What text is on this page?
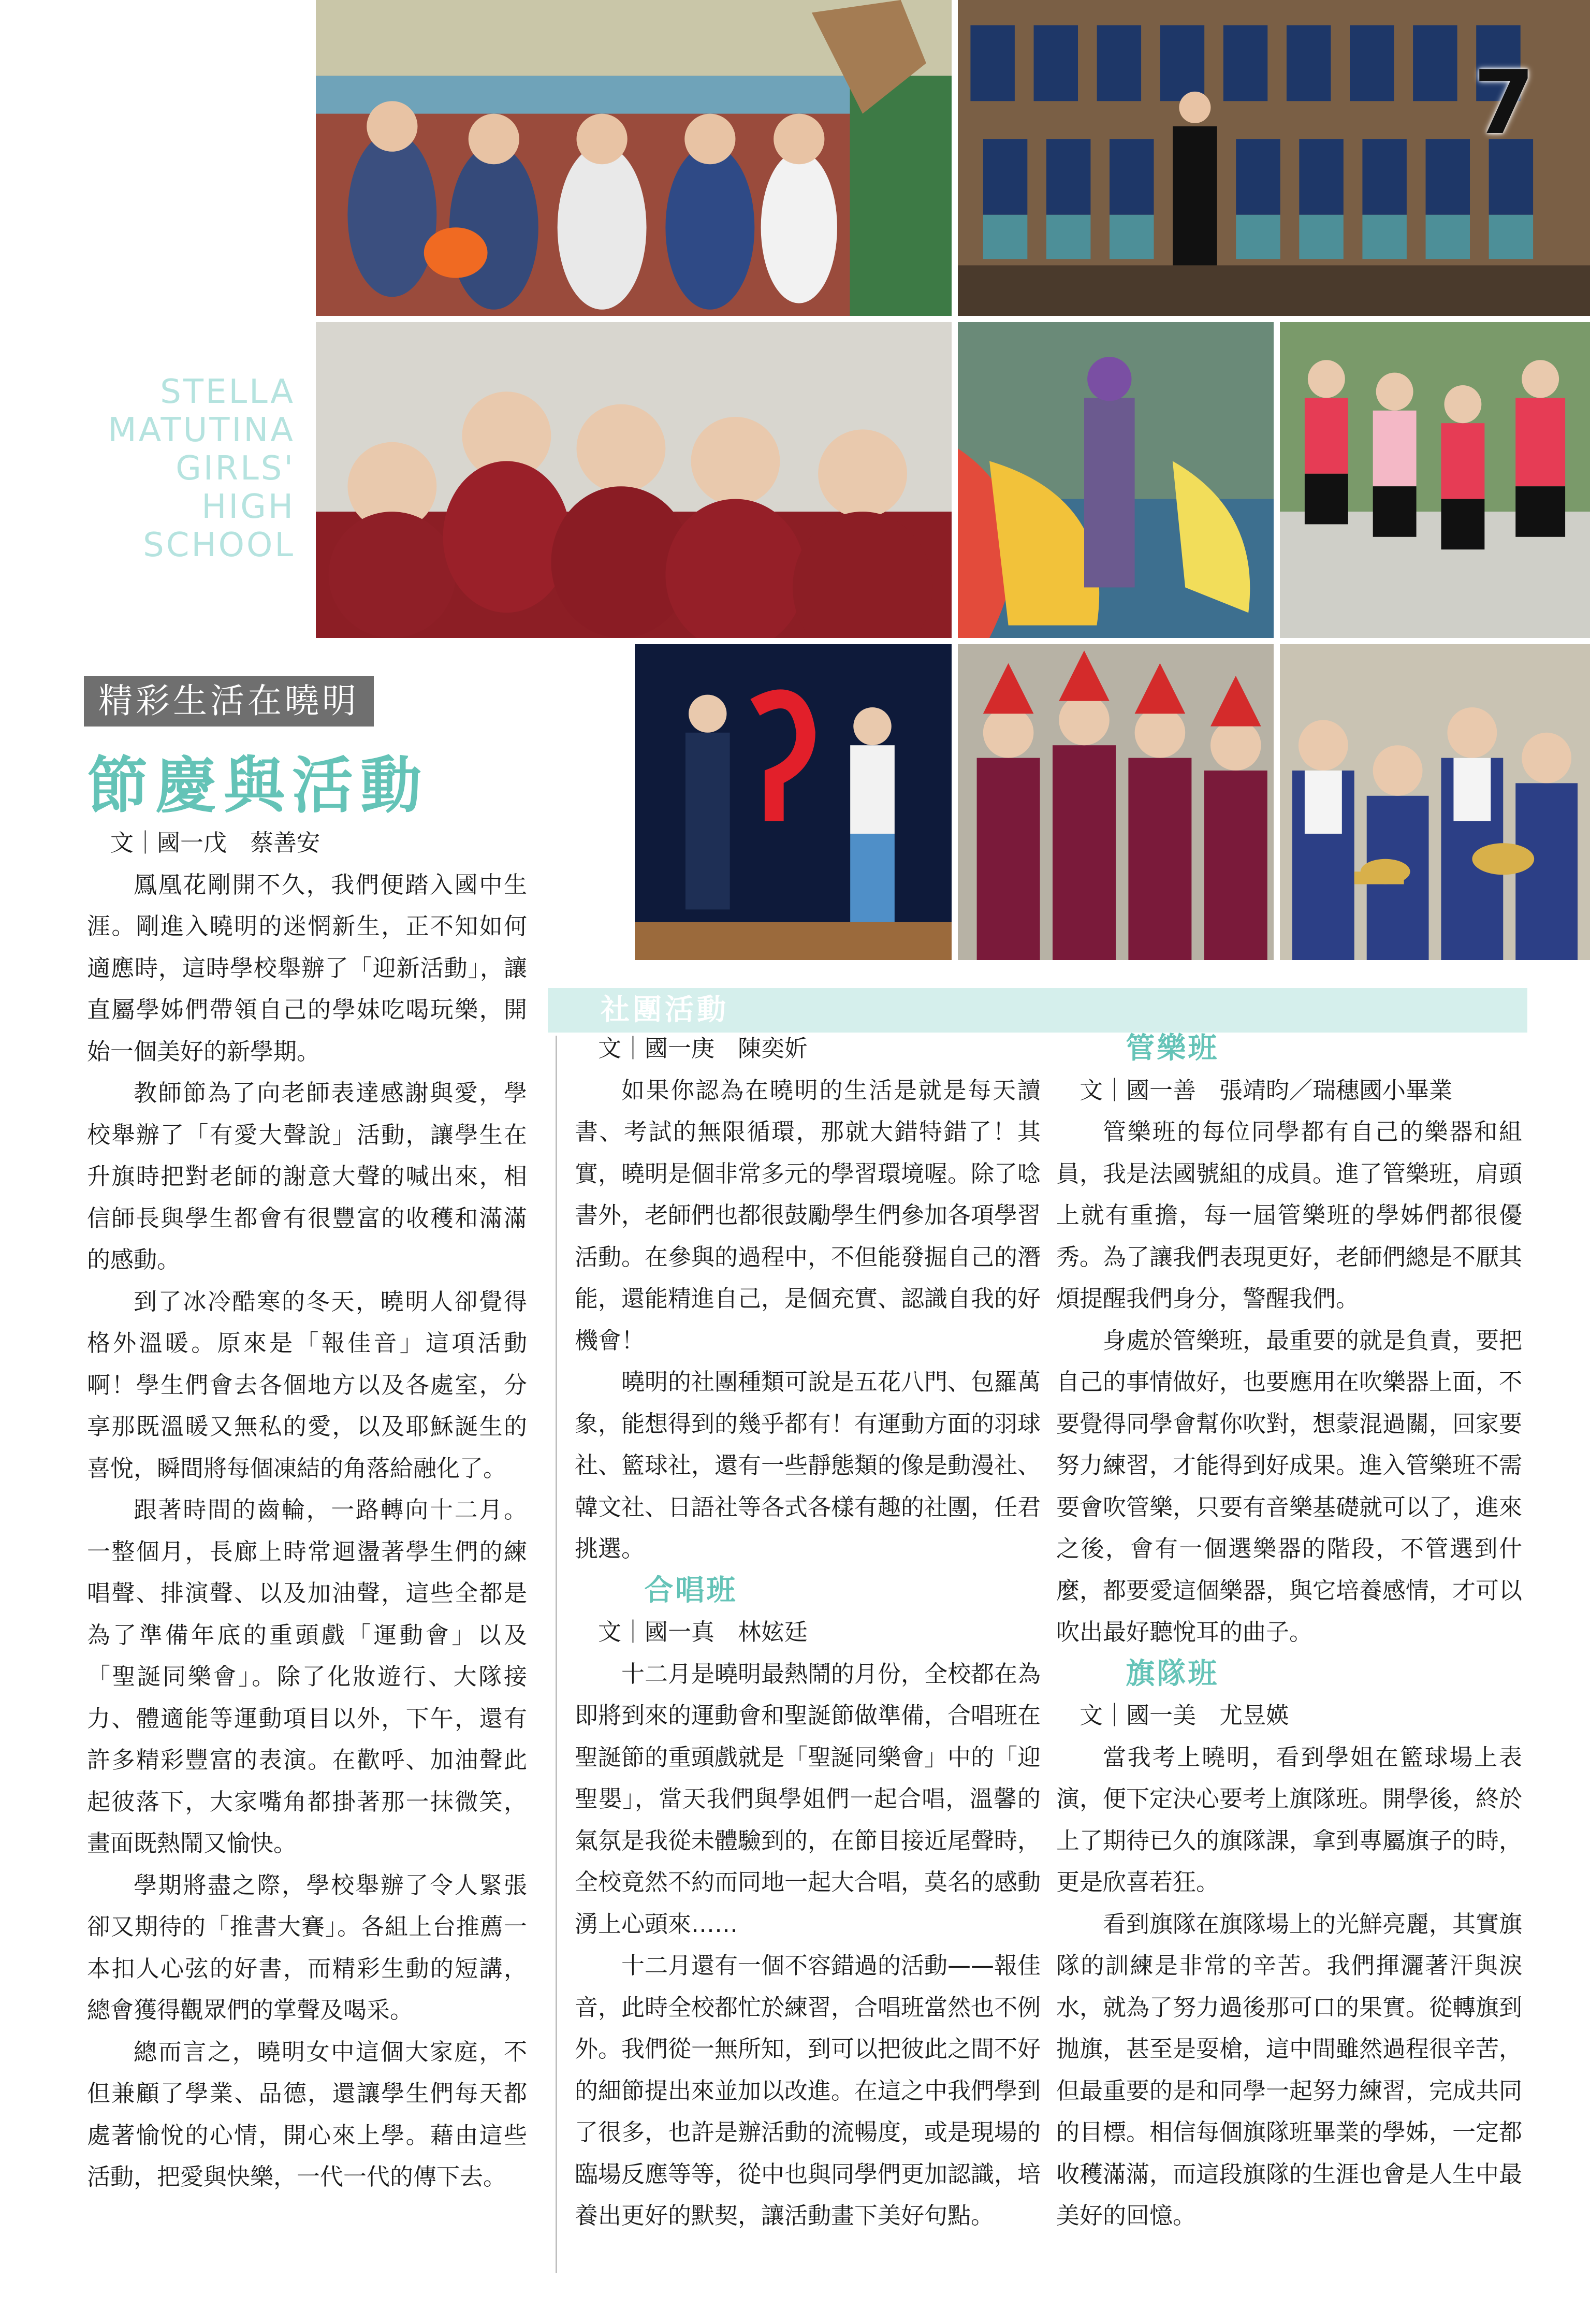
7
STELLA
MATUTINA
GIRLS'
HIGH
SCHOOL
精彩生活在曉明
節慶與活動

文｜國一戊　蔡善安

鳳凰花剛開不久，我們便踏入國中生涯。剛進入曉明的迷惘新生，正不知如何適應時，這時學校舉辦了「迎新活動」，讓直屬學姊們帶領自己的學妹吃喝玩樂，開始一個美好的新學期。

教師節為了向老師表達感謝與愛，學校舉辦了「有愛大聲說」活動，讓學生在升旗時把對老師的謝意大聲的喊出來，相信師長與學生都會有很豐富的收穫和滿滿的感動。

到了冰冷酷寒的冬天，曉明人卻覺得格外溫暖。原來是「報佳音」這項活動啊！學生們會去各個地方以及各處室，分享那既溫暖又無私的愛，以及耶穌誕生的喜悅，瞬間將每個凍結的角落給融化了。

跟著時間的齒輪，一路轉向十二月。一整個月，長廊上時常迴盪著學生們的練唱聲、排演聲、以及加油聲，這些全都是為了準備年底的重頭戲「運動會」以及「聖誕同樂會」。除了化妝遊行、大隊接力、體適能等運動項目以外，下午，還有許多精彩豐富的表演。在歡呼、加油聲此起彼落下，大家嘴角都掛著那一抹微笑，畫面既熱鬧又愉快。

學期將盡之際，學校舉辦了令人緊張卻又期待的「推書大賽」。各組上台推薦一本扣人心弦的好書，而精彩生動的短講，總會獲得觀眾們的掌聲及喝采。

總而言之，曉明女中這個大家庭，不但兼顧了學業、品德，還讓學生們每天都處著愉悅的心情，開心來上學。藉由這些活動，把愛與快樂，一代一代的傳下去。

社團活動

文｜國一庚　陳奕妡

如果你認為在曉明的生活是就是每天讀書、考試的無限循環，那就大錯特錯了！其實，曉明是個非常多元的學習環境喔。除了唸書外，老師們也都很鼓勵學生們參加各項學習活動。在參與的過程中，不但能發掘自己的潛能，還能精進自己，是個充實、認識自我的好機會！

曉明的社團種類可說是五花八門、包羅萬象，能想得到的幾乎都有！有運動方面的羽球社、籃球社，還有一些靜態類的像是動漫社、韓文社、日語社等各式各樣有趣的社團，任君挑選。

合唱班

文｜國一真　林妶廷

十二月是曉明最熱鬧的月份，全校都在為即將到來的運動會和聖誕節做準備，合唱班在聖誕節的重頭戲就是「聖誕同樂會」中的「迎聖嬰」，當天我們與學姐們一起合唱，溫馨的氣氛是我從未體驗到的，在節目接近尾聲時，全校竟然不約而同地一起大合唱，莫名的感動湧上心頭來……

十二月還有一個不容錯過的活動——報佳音，此時全校都忙於練習，合唱班當然也不例外。我們從一無所知，到可以把彼此之間不好的細節提出來並加以改進。在這之中我們學到了很多，也許是辦活動的流暢度，或是現場的臨場反應等等，從中也與同學們更加認識，培養出更好的默契，讓活動畫下美好句點。

管樂班

文｜國一善　張靖昀／瑞穗國小畢業

管樂班的每位同學都有自己的樂器和組員，我是法國號組的成員。進了管樂班，肩頭上就有重擔，每一屆管樂班的學姊們都很優秀。為了讓我們表現更好，老師們總是不厭其煩提醒我們身分，警醒我們。

身處於管樂班，最重要的就是負責，要把自己的事情做好，也要應用在吹樂器上面，不要覺得同學會幫你吹對，想蒙混過關，回家要努力練習，才能得到好成果。進入管樂班不需要會吹管樂，只要有音樂基礎就可以了，進來之後，會有一個選樂器的階段，不管選到什麼，都要愛這個樂器，與它培養感情，才可以吹出最好聽悅耳的曲子。

旗隊班

文｜國一美　尤昱媖

當我考上曉明，看到學姐在籃球場上表演，便下定決心要考上旗隊班。開學後，終於上了期待已久的旗隊課，拿到專屬旗子的時，更是欣喜若狂。

看到旗隊在旗隊場上的光鮮亮麗，其實旗隊的訓練是非常的辛苦。我們揮灑著汗與淚水，就為了努力過後那可口的果實。從轉旗到拋旗，甚至是耍槍，這中間雖然過程很辛苦，但最重要的是和同學一起努力練習，完成共同的目標。相信每個旗隊班畢業的學姊，一定都收穫滿滿，而這段旗隊的生涯也會是人生中最美好的回憶。
